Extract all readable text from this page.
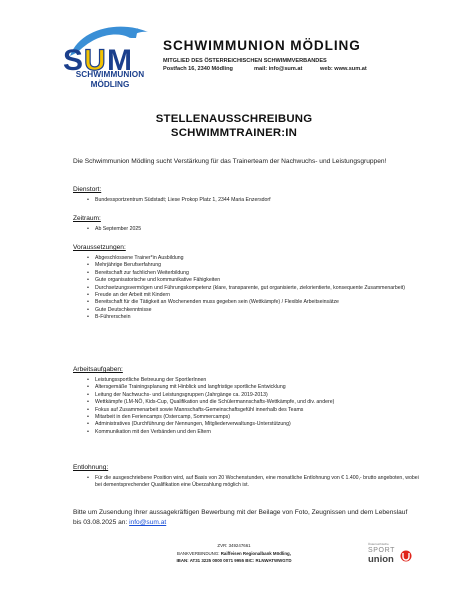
S U M
SCHWIMMUNION
MÖDLING
SCHWIMMUNION MÖDLING
MITGLIED DES ÖSTERREICHISCHEN SCHWIMMVERBANDES
Postfach 16, 2340 Mödling	mail: info@sum.at	web: www.sum.at
STELLENAUSSCHREIBUNG
SCHWIMMTRAINER:IN
Die Schwimmunion Mödling sucht Verstärkung für das Trainerteam der Nachwuchs- und Leistungsgruppen!
Dienstort:
• Bundessportzentrum Südstadt; Liese Prokop Platz 1, 2344 Maria Enzersdorf
Zeitraum:
• Ab September 2025
Voraussetzungen:
• Abgeschlossene Trainer*in Ausbildung
• Mehrjährige Berufserfahrung
• Bereitschaft zur fachlichen Weiterbildung
• Gute organisatorische und kommunikative Fähigkeiten
• Durchsetzungsvermögen und Führungskompetenz (klare, transparente, gut organisierte, zielorientierte, konsequente Zusammenarbeit)
• Freude an der Arbeit mit Kindern
• Bereitschaft für die Tätigkeit an Wochenenden muss gegeben sein (Wettkämpfe) / Flexible Arbeitseinsätze
• Gute Deutschkenntnisse
• B-Führerschein
Arbeitsaufgaben:
• Leistungssportliche Betreuung der SportlerInnen
• Altersgemäße Trainingsplanung mit Hinblick und langfristige sportliche Entwicklung
• Leitung der Nachwuchs- und Leistungsgruppen (Jahrgänge ca. 2019-2013)
• Wettkämpfe (LM-NÖ, Kids-Cup, Qualifikation und die Schülermannschafts-Wettkämpfe, und div. andere)
• Fokus auf Zusammenarbeit sowie Mannschafts-Gemeinschaftsgefühl innerhalb des Teams
• Mitarbeit in den Feriencamps (Ostercamp, Sommercamps)
• Administratives (Durchführung der Nennungen, Mitgliederverwaltungs-Unterstützung)
• Kommunikation mit den Verbänden und den Eltern
Entlohnung:
• Für die ausgeschriebene Position wird, auf Basis von 20 Wochenstunden, eine monatliche Entlohnung von € 1.400,- brutto angeboten, wobei bei dementsprechender Qualifikation eine Überzahlung möglich ist.
Bitte um Zusendung Ihrer aussagekräftigen Bewerbung mit der Beilage von Foto, Zeugnissen und dem Lebenslauf bis 03.08.2025 an: info@sum.at
ZVR: 349247661
BANKVERBINDUNG: Raiffeisen Regionalbank Mödling,
IBAN: AT31 3225 0000 0071 9955 BIC: RLNWATWWGTD
Österreichische
SPORT
union
